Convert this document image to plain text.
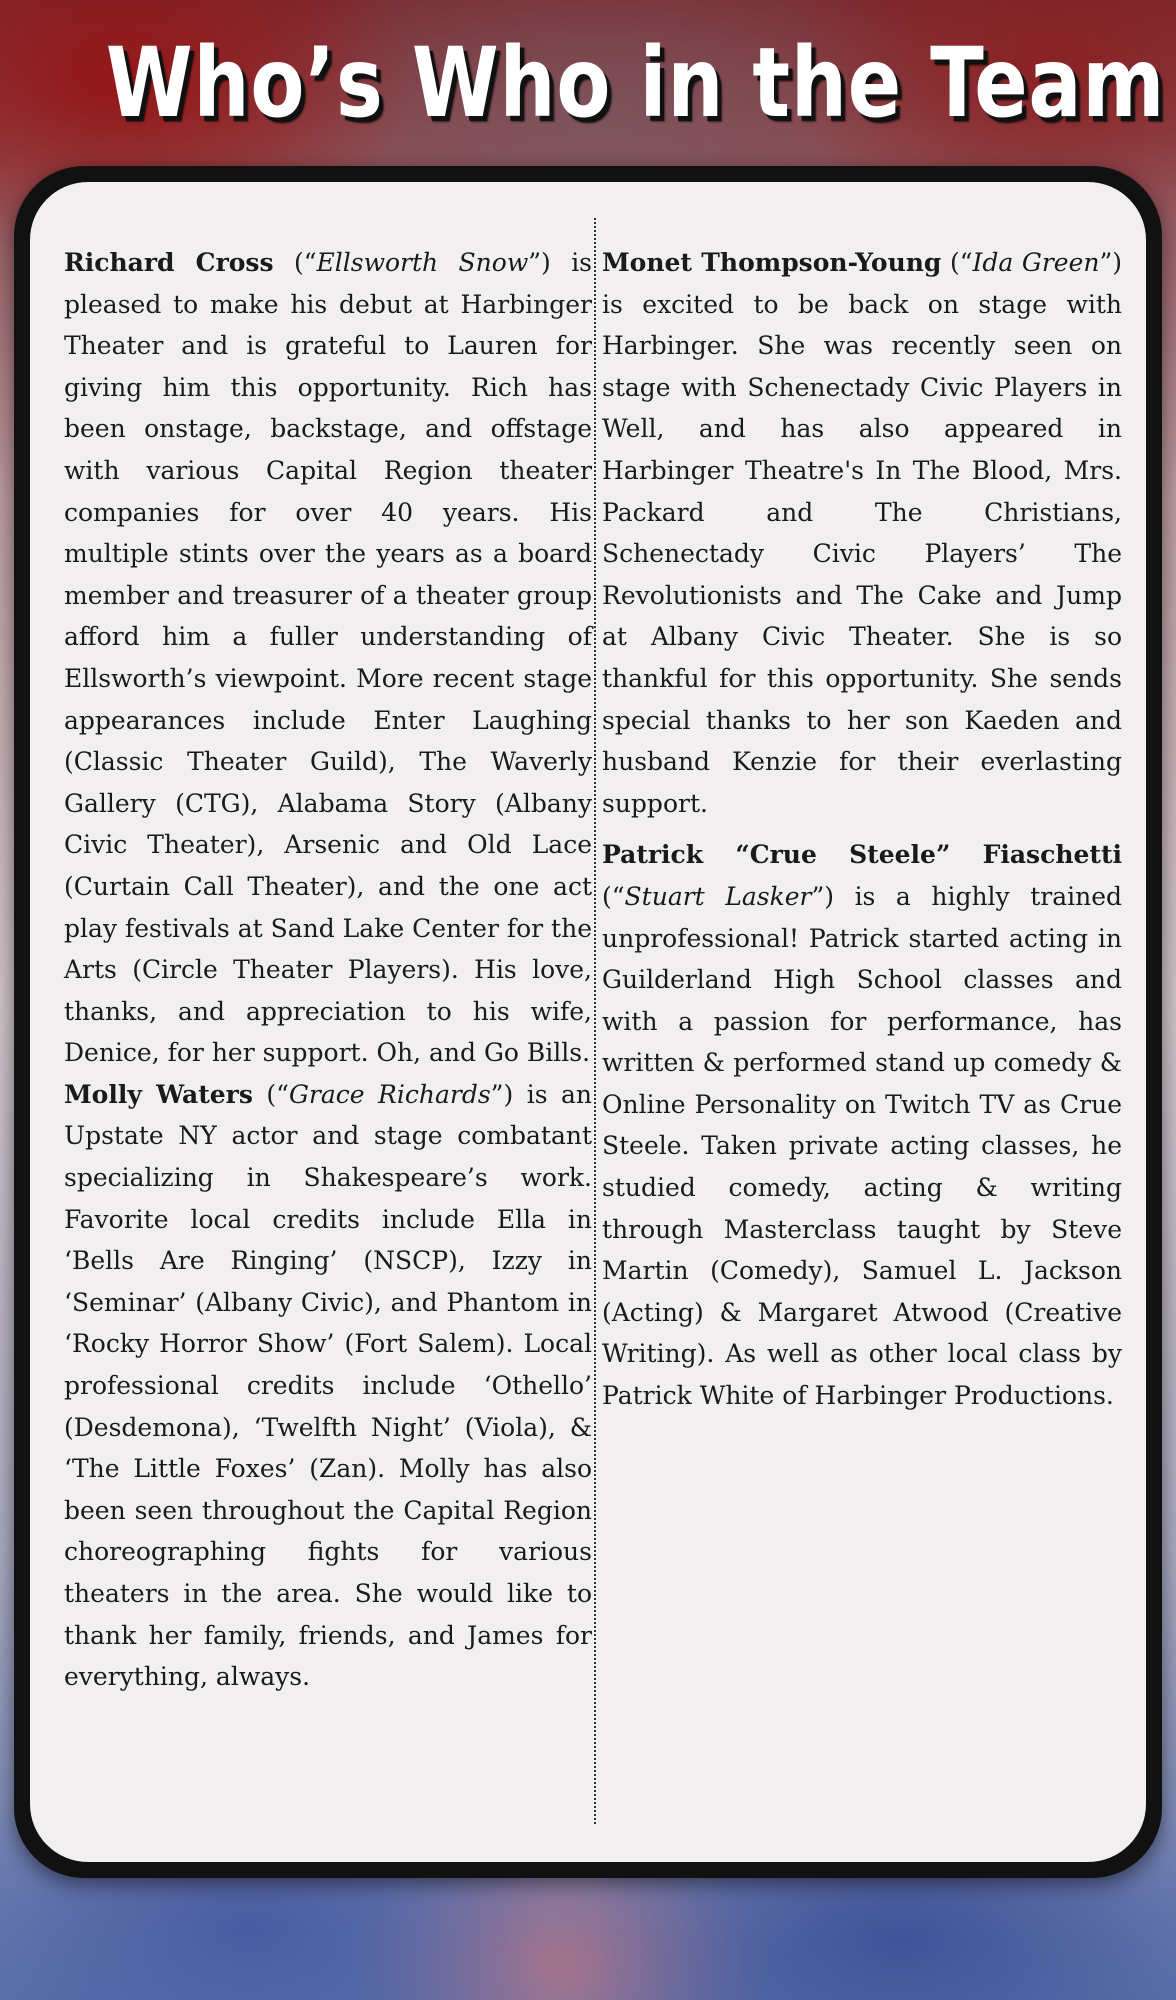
Who’s Who in the Team

Richard Cross (“Ellsworth Snow”) is pleased to make his debut at Harbinger Theater and is grateful to Lauren for giving him this opportunity. Rich has been onstage, backstage, and offstage with various Capital Region theater companies for over 40 years. His multiple stints over the years as a board member and treasurer of a theater group afford him a fuller understanding of Ellsworth’s viewpoint. More recent stage appearances include Enter Laughing (Classic Theater Guild), The Waverly Gallery (CTG), Alabama Story (Albany Civic Theater), Arsenic and Old Lace (Curtain Call Theater), and the one act play festivals at Sand Lake Center for the Arts (Circle Theater Players). His love, thanks, and appreciation to his wife, Denice, for her support. Oh, and Go Bills.

Molly Waters (“Grace Richards”) is an Upstate NY actor and stage combatant specializing in Shakespeare’s work. Favorite local credits include Ella in ‘Bells Are Ringing’ (NSCP), Izzy in ‘Seminar’ (Albany Civic), and Phantom in ‘Rocky Horror Show’ (Fort Salem). Local professional credits include ‘Othello’ (Desdemona), ‘Twelfth Night’ (Viola), & ‘The Little Foxes’ (Zan). Molly has also been seen throughout the Capital Region choreographing fights for various theaters in the area. She would like to thank her family, friends, and James for everything, always.

Monet Thompson-Young (“Ida Green”) is excited to be back on stage with Harbinger. She was recently seen on stage with Schenectady Civic Players in Well, and has also appeared in Harbinger Theatre's In The Blood, Mrs. Packard and The Christians, Schenectady Civic Players’ The Revolutionists and The Cake and Jump at Albany Civic Theater. She is so thankful for this opportunity. She sends special thanks to her son Kaeden and husband Kenzie for their everlasting support.

Patrick “Crue Steele” Fiaschetti (“Stuart Lasker”) is a highly trained unprofessional! Patrick started acting in Guilderland High School classes and with a passion for performance, has written & performed stand up comedy & Online Personality on Twitch TV as Crue Steele. Taken private acting classes, he studied comedy, acting & writing through Masterclass taught by Steve Martin (Comedy), Samuel L. Jackson (Acting) & Margaret Atwood (Creative Writing). As well as other local class by Patrick White of Harbinger Productions.
